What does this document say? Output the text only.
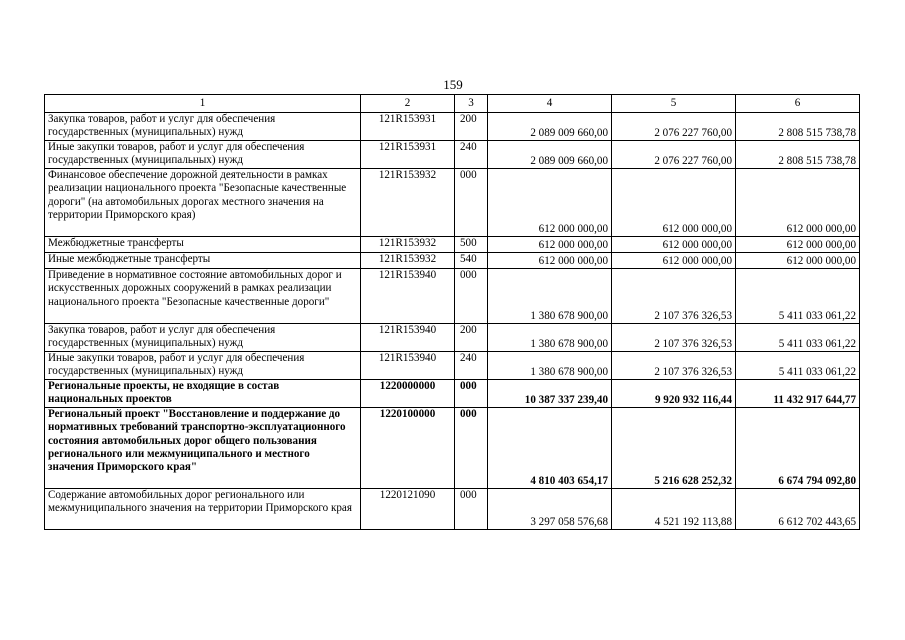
159
1	2	3	4	5	6
Закупка товаров, работ и услуг для обеспечения государственных (муниципальных) нужд	121R153931	200	2 089 009 660,00	2 076 227 760,00	2 808 515 738,78
Иные закупки товаров, работ и услуг для обеспечения государственных (муниципальных) нужд	121R153931	240	2 089 009 660,00	2 076 227 760,00	2 808 515 738,78
Финансовое обеспечение дорожной деятельности в рамках реализации национального проекта "Безопасные качественные дороги" (на автомобильных дорогах местного значения на территории Приморского края)	121R153932	000	612 000 000,00	612 000 000,00	612 000 000,00
Межбюджетные трансферты	121R153932	500	612 000 000,00	612 000 000,00	612 000 000,00
Иные межбюджетные трансферты	121R153932	540	612 000 000,00	612 000 000,00	612 000 000,00
Приведение в нормативное состояние автомобильных дорог и искусственных дорожных сооружений в рамках реализации национального проекта "Безопасные качественные дороги"	121R153940	000	1 380 678 900,00	2 107 376 326,53	5 411 033 061,22
Закупка товаров, работ и услуг для обеспечения государственных (муниципальных) нужд	121R153940	200	1 380 678 900,00	2 107 376 326,53	5 411 033 061,22
Иные закупки товаров, работ и услуг для обеспечения государственных (муниципальных) нужд	121R153940	240	1 380 678 900,00	2 107 376 326,53	5 411 033 061,22
Региональные проекты, не входящие в состав национальных проектов	1220000000	000	10 387 337 239,40	9 920 932 116,44	11 432 917 644,77
Региональный проект "Восстановление и поддержание до нормативных требований транспортно-эксплуатационного состояния автомобильных дорог общего пользования регионального или межмуниципального и местного значения Приморского края"	1220100000	000	4 810 403 654,17	5 216 628 252,32	6 674 794 092,80
Содержание автомобильных дорог регионального или межмуниципального значения на территории Приморского края	1220121090	000	3 297 058 576,68	4 521 192 113,88	6 612 702 443,65
